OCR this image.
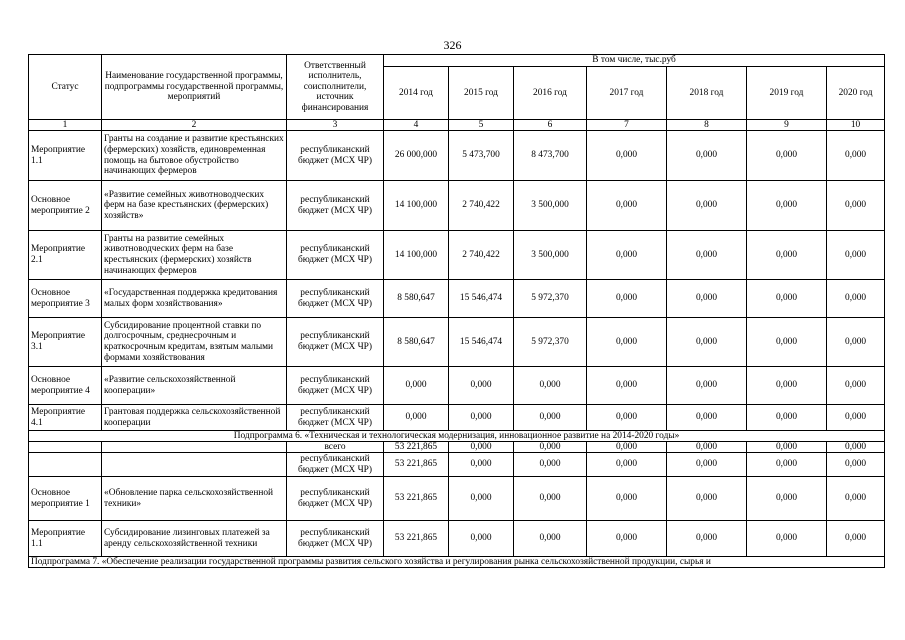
326
Статус	Наименование государственной программы, подпрограммы государственной программы, мероприятий	Ответственный исполнитель, соисполнители, источник финансирования	В том числе, тыс.руб						
			2014 год	2015 год	2016 год	2017 год	2018 год	2019 год	2020 год
1	2	3	4	5	6	7	8	9	10
Мероприятие 1.1	Гранты на создание и развитие крестьянских (фермерских) хозяйств, единовременная помощь на бытовое обустройство начинающих фермеров	республиканский бюджет (МСХ ЧР)	26 000,000	5 473,700	8 473,700	0,000	0,000	0,000	0,000
Основное мероприятие 2	«Развитие семейных животноводческих ферм на базе крестьянских (фермерских) хозяйств»	республиканский бюджет (МСХ ЧР)	14 100,000	2 740,422	3 500,000	0,000	0,000	0,000	0,000
Мероприятие 2.1	Гранты на развитие семейных животноводческих ферм на базе крестьянских (фермерских) хозяйств начинающих фермеров	республиканский бюджет (МСХ ЧР)	14 100,000	2 740,422	3 500,000	0,000	0,000	0,000	0,000
Основное мероприятие 3	«Государственная поддержка кредитования малых форм хозяйствования»	республиканский бюджет (МСХ ЧР)	8 580,647	15 546,474	5 972,370	0,000	0,000	0,000	0,000
Мероприятие 3.1	Субсидирование процентной ставки по долгосрочным, среднесрочным и краткосрочным кредитам, взятым малыми формами хозяйствования	республиканский бюджет (МСХ ЧР)	8 580,647	15 546,474	5 972,370	0,000	0,000	0,000	0,000
Основное мероприятие 4	«Развитие сельскохозяйственной кооперации»	республиканский бюджет (МСХ ЧР)	0,000	0,000	0,000	0,000	0,000	0,000	0,000
Мероприятие 4.1	Грантовая поддержка сельскохозяйственной кооперации	республиканский бюджет (МСХ ЧР)	0,000	0,000	0,000	0,000	0,000	0,000	0,000
Подпрограмма 6. «Техническая и технологическая модернизация, инновационное развитие на 2014-2020 годы»									
		всего	53 221,865	0,000	0,000	0,000	0,000	0,000	0,000
		республиканский бюджет (МСХ ЧР)	53 221,865	0,000	0,000	0,000	0,000	0,000	0,000
Основное мероприятие 1	«Обновление парка сельскохозяйственной техники»	республиканский бюджет (МСХ ЧР)	53 221,865	0,000	0,000	0,000	0,000	0,000	0,000
Мероприятие 1.1	Субсидирование лизинговых платежей за аренду сельскохозяйственной техники	республиканский бюджет (МСХ ЧР)	53 221,865	0,000	0,000	0,000	0,000	0,000	0,000
Подпрограмма 7. «Обеспечение реализации государственной программы развития сельского хозяйства и регулирования рынка сельскохозяйственной продукции, сырья и									
